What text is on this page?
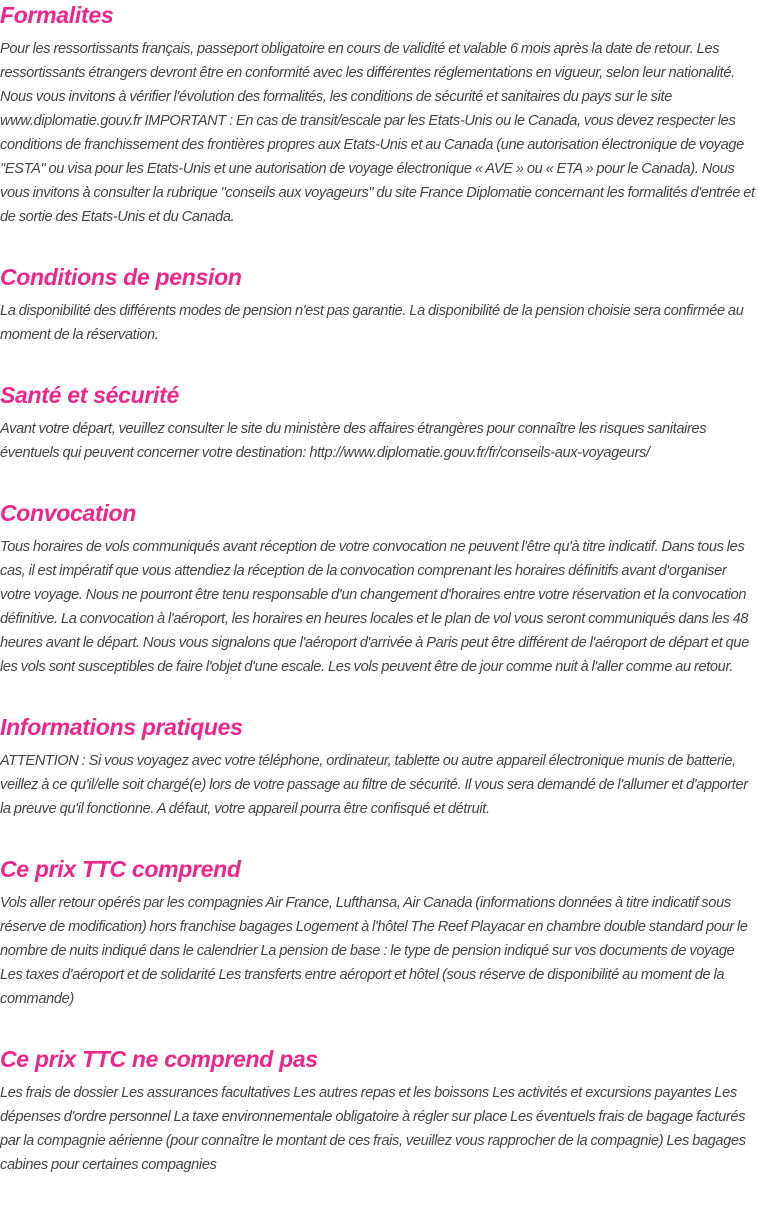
Formalites

Pour les ressortissants français, passeport obligatoire en cours de validité et valable 6 mois après la date de retour. Les ressortissants étrangers devront être en conformité avec les différentes réglementations en vigueur, selon leur nationalité. Nous vous invitons à vérifier l'évolution des formalités, les conditions de sécurité et sanitaires du pays sur le site www.diplomatie.gouv.fr IMPORTANT : En cas de transit/escale par les Etats-Unis ou le Canada, vous devez respecter les conditions de franchissement des frontières propres aux Etats-Unis et au Canada (une autorisation électronique de voyage "ESTA" ou visa pour les Etats-Unis et une autorisation de voyage électronique « AVE » ou « ETA » pour le Canada). Nous vous invitons à consulter la rubrique "conseils aux voyageurs" du site France Diplomatie concernant les formalités d'entrée et de sortie des Etats-Unis et du Canada.

Conditions de pension

La disponibilité des différents modes de pension n'est pas garantie. La disponibilité de la pension choisie sera confirmée au moment de la réservation.

Santé et sécurité

Avant votre départ, veuillez consulter le site du ministère des affaires étrangères pour connaître les risques sanitaires éventuels qui peuvent concerner votre destination: http://www.diplomatie.gouv.fr/fr/conseils-aux-voyageurs/

Convocation

Tous horaires de vols communiqués avant réception de votre convocation ne peuvent l'être qu'à titre indicatif. Dans tous les cas, il est impératif que vous attendiez la réception de la convocation comprenant les horaires définitifs avant d'organiser votre voyage. Nous ne pourront être tenu responsable d'un changement d'horaires entre votre réservation et la convocation définitive. La convocation à l'aéroport, les horaires en heures locales et le plan de vol vous seront communiqués dans les 48 heures avant le départ. Nous vous signalons que l'aéroport d'arrivée à Paris peut être différent de l'aéroport de départ et que les vols sont susceptibles de faire l'objet d'une escale. Les vols peuvent être de jour comme nuit à l'aller comme au retour.

Informations pratiques

ATTENTION : Si vous voyagez avec votre téléphone, ordinateur, tablette ou autre appareil électronique munis de batterie, veillez à ce qu'il/elle soit chargé(e) lors de votre passage au filtre de sécurité. Il vous sera demandé de l'allumer et d'apporter la preuve qu'il fonctionne. A défaut, votre appareil pourra être confisqué et détruit.

Ce prix TTC comprend

Vols aller retour opérés par les compagnies Air France, Lufthansa, Air Canada (informations données à titre indicatif sous réserve de modification) hors franchise bagages Logement à l'hôtel The Reef Playacar en chambre double standard pour le nombre de nuits indiqué dans le calendrier La pension de base : le type de pension indiqué sur vos documents de voyage Les taxes d'aéroport et de solidarité Les transferts entre aéroport et hôtel (sous réserve de disponibilité au moment de la commande)

Ce prix TTC ne comprend pas

Les frais de dossier Les assurances facultatives Les autres repas et les boissons Les activités et excursions payantes Les dépenses d'ordre personnel La taxe environnementale obligatoire à régler sur place Les éventuels frais de bagage facturés par la compagnie aérienne (pour connaître le montant de ces frais, veuillez vous rapprocher de la compagnie) Les bagages cabines pour certaines compagnies
